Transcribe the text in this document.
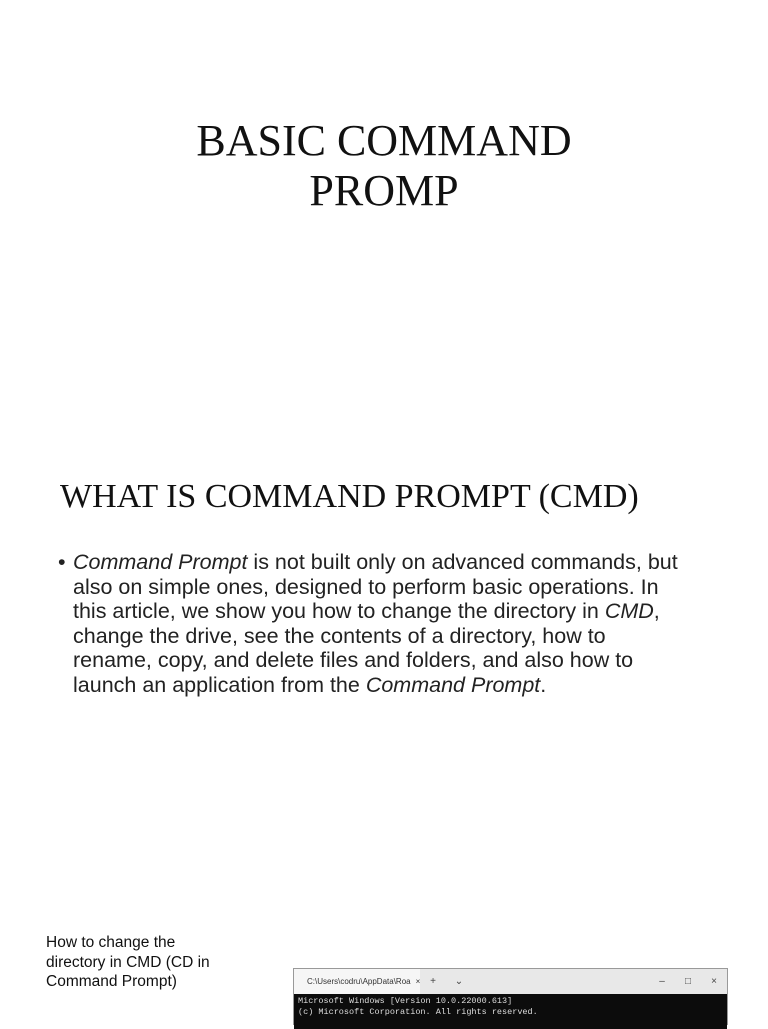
BASIC COMMAND
PROMP
WHAT IS COMMAND PROMPT (CMD)
• Command Prompt is not built only on advanced commands, but
also on simple ones, designed to perform basic operations. In
this article, we show you how to change the directory in CMD,
change the drive, see the contents of a directory, how to
rename, copy, and delete files and folders, and also how to
launch an application from the Command Prompt.
How to change the
directory in CMD (CD in
Command Prompt)	C:\Users\codru\AppData\Roa × +	⌄	–	□	×
Microsoft Windows [Version 10.0.22000.613]
(c) Microsoft Corporation. All rights reserved.
